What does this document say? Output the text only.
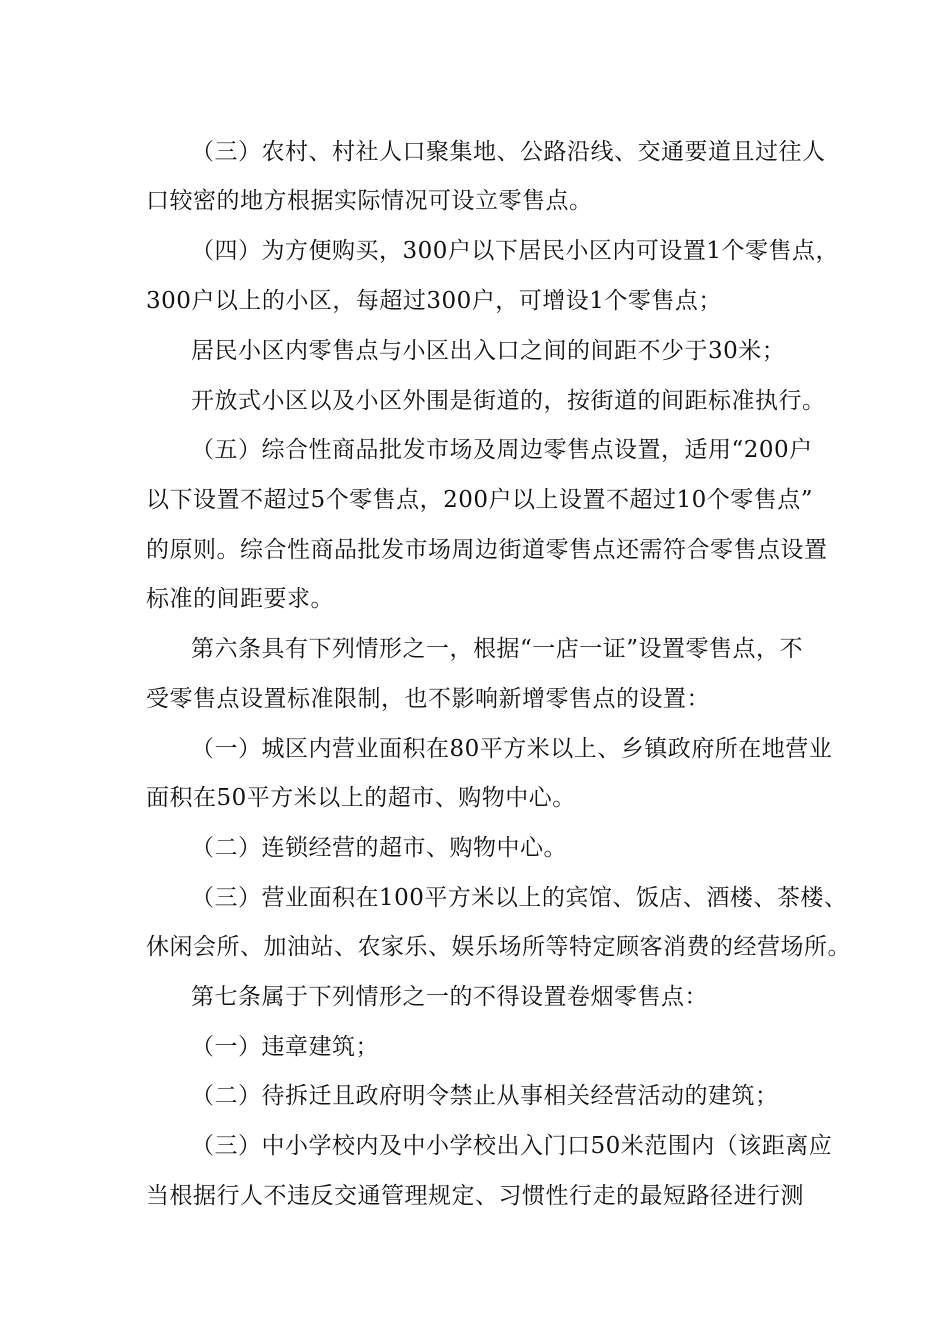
（三）农村、村社人口聚集地、公路沿线、交通要道且过往人
口较密的地方根据实际情况可设立零售点。
（四）为方便购买，300户以下居民小区内可设置1个零售点，
300户以上的小区，每超过300户，可增设1个零售点；
居民小区内零售点与小区出入口之间的间距不少于30米；
开放式小区以及小区外围是街道的，按街道的间距标准执行。
（五）综合性商品批发市场及周边零售点设置，适用“200户
以下设置不超过5个零售点，200户以上设置不超过10个零售点”
的原则。综合性商品批发市场周边街道零售点还需符合零售点设置
标准的间距要求。
第六条具有下列情形之一，根据“一店一证”设置零售点，不
受零售点设置标准限制，也不影响新增零售点的设置：
（一）城区内营业面积在80平方米以上、乡镇政府所在地营业
面积在50平方米以上的超市、购物中心。
（二）连锁经营的超市、购物中心。
（三）营业面积在100平方米以上的宾馆、饭店、酒楼、茶楼、
休闲会所、加油站、农家乐、娱乐场所等特定顾客消费的经营场所。
第七条属于下列情形之一的不得设置卷烟零售点：
（一）违章建筑；
（二）待拆迁且政府明令禁止从事相关经营活动的建筑；
（三）中小学校内及中小学校出入门口50米范围内（该距离应
当根据行人不违反交通管理规定、习惯性行走的最短路径进行测
